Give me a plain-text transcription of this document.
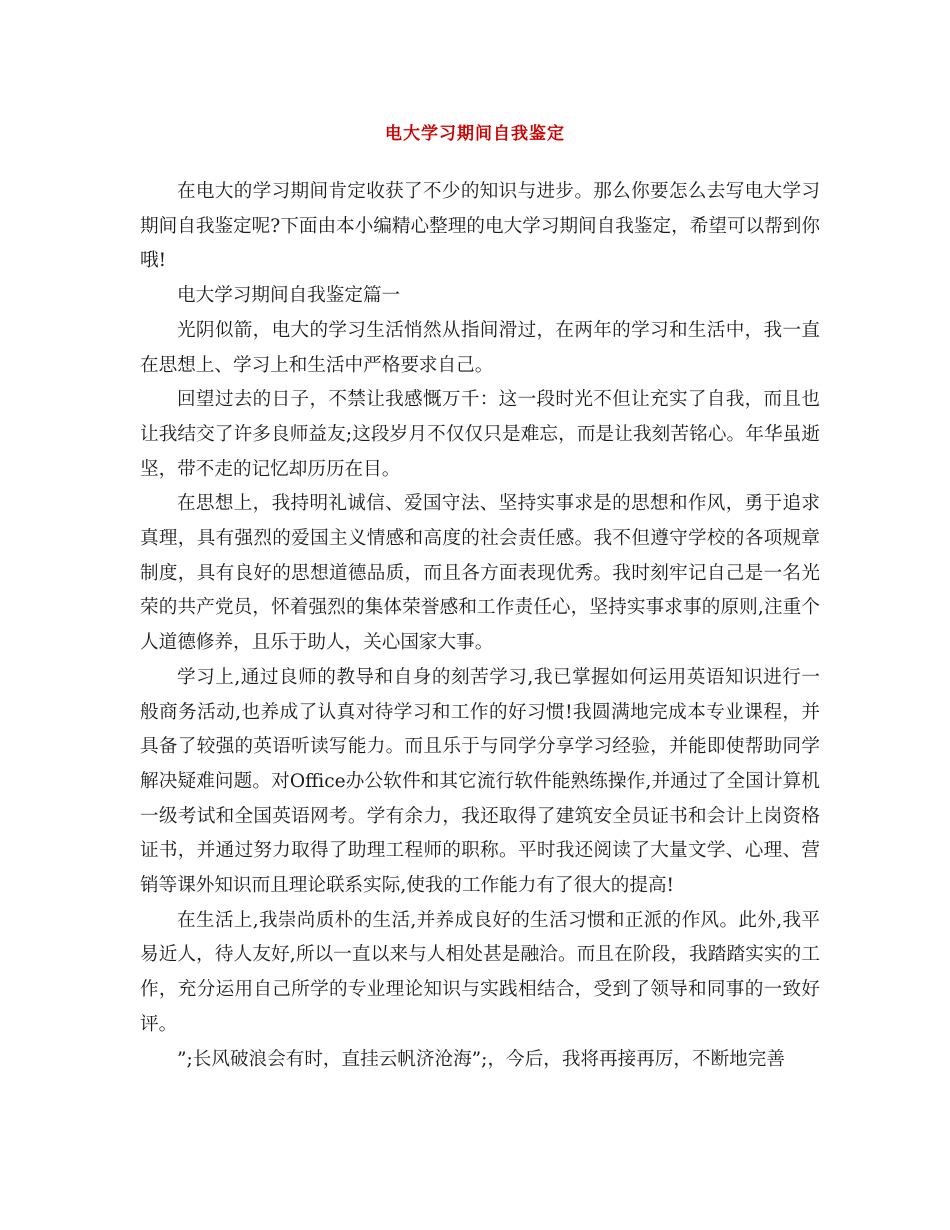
电大学习期间自我鉴定

在电大的学习期间肯定收获了不少的知识与进步。那么你要怎么去写电大学习期间自我鉴定呢?下面由本小编精心整理的电大学习期间自我鉴定，希望可以帮到你哦!

电大学习期间自我鉴定篇一

光阴似箭，电大的学习生活悄然从指间滑过，在两年的学习和生活中，我一直在思想上、学习上和生活中严格要求自己。

回望过去的日子，不禁让我感慨万千：这一段时光不但让充实了自我，而且也让我结交了许多良师益友;这段岁月不仅仅只是难忘，而是让我刻苦铭心。年华虽逝坚，带不走的记忆却历历在目。

在思想上，我持明礼诚信、爱国守法、坚持实事求是的思想和作风，勇于追求真理，具有强烈的爱国主义情感和高度的社会责任感。我不但遵守学校的各项规章制度，具有良好的思想道德品质，而且各方面表现优秀。我时刻牢记自己是一名光荣的共产党员，怀着强烈的集体荣誉感和工作责任心，坚持实事求事的原则,注重个人道德修养，且乐于助人，关心国家大事。

学习上,通过良师的教导和自身的刻苦学习,我已掌握如何运用英语知识进行一般商务活动,也养成了认真对待学习和工作的好习惯!我圆满地完成本专业课程，并具备了较强的英语听读写能力。而且乐于与同学分享学习经验，并能即使帮助同学解决疑难问题。对Office办公软件和其它流行软件能熟练操作,并通过了全国计算机一级考试和全国英语网考。学有余力，我还取得了建筑安全员证书和会计上岗资格证书，并通过努力取得了助理工程师的职称。平时我还阅读了大量文学、心理、营销等课外知识而且理论联系实际,使我的工作能力有了很大的提高!

在生活上,我崇尚质朴的生活,并养成良好的生活习惯和正派的作风。此外,我平易近人，待人友好,所以一直以来与人相处甚是融洽。而且在阶段，我踏踏实实的工作，充分运用自己所学的专业理论知识与实践相结合，受到了领导和同事的一致好评。

”;长风破浪会有时，直挂云帆济沧海”;，今后，我将再接再厉，不断地完善
